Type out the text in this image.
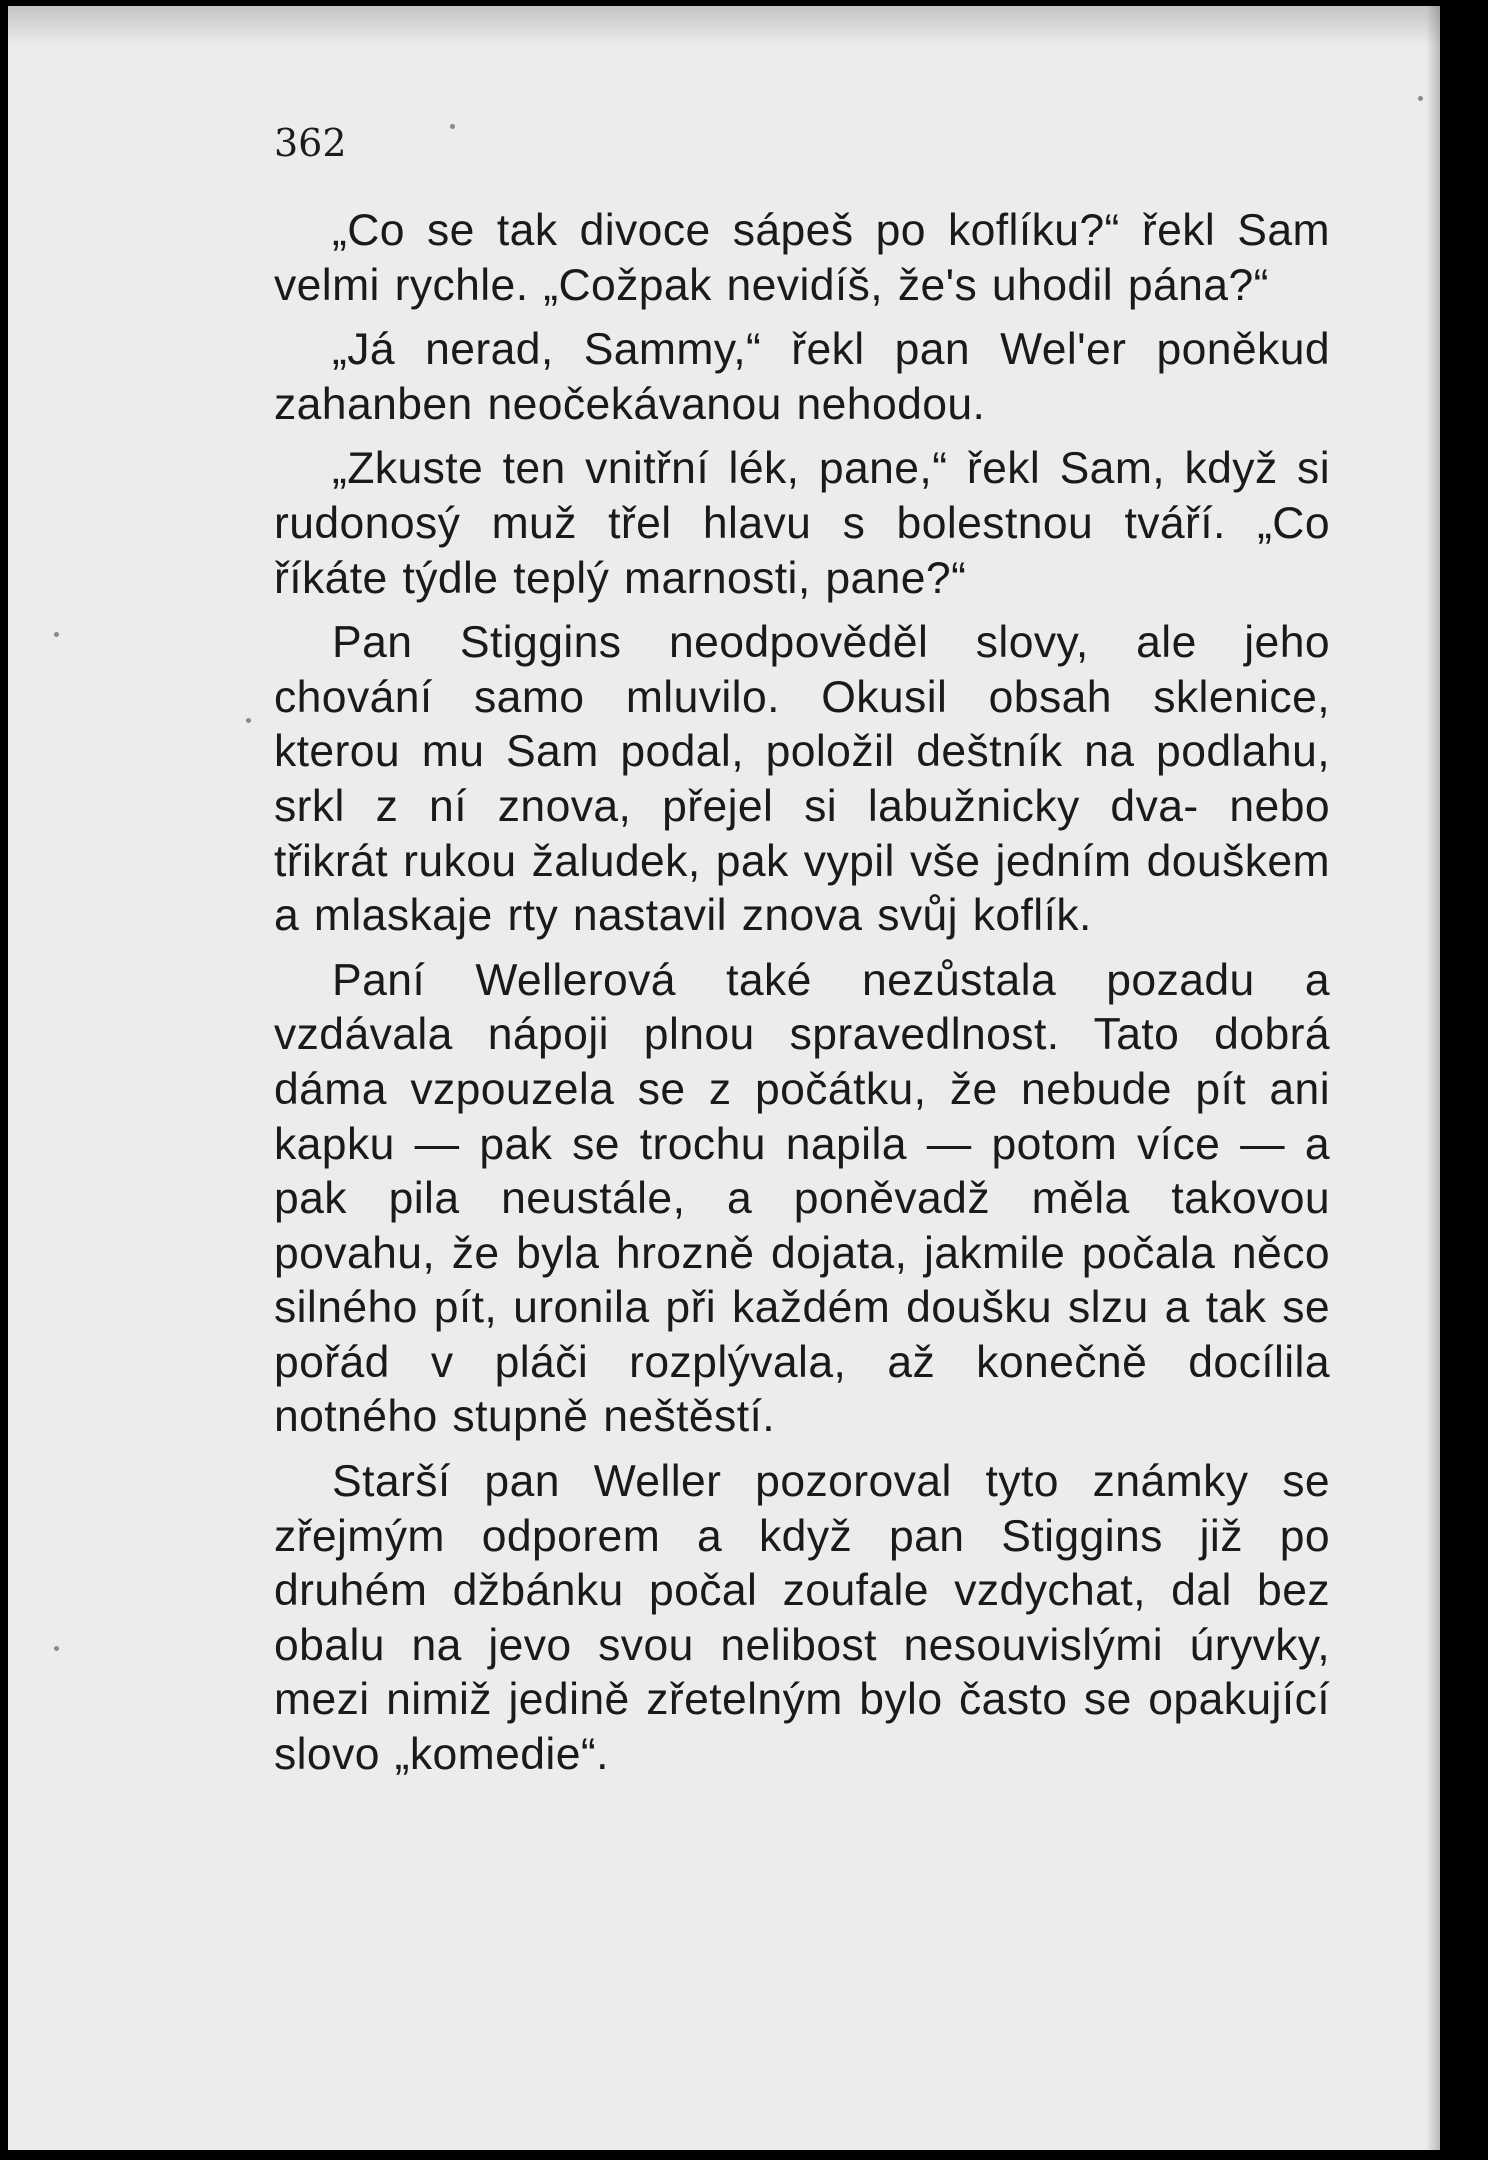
362

„Co se tak divoce sápeš po koflíku?“ řekl Sam velmi rychle. „Cožpak nevidíš, že's uhodil pána?“

„Já nerad, Sammy,“ řekl pan Wel'er poněkud zahanben neočekávanou nehodou.

„Zkuste ten vnitřní lék, pane,“ řekl Sam, když si rudonosý muž třel hlavu s bolestnou tváří. „Co říkáte týdle teplý marnosti, pane?“

Pan Stiggins neodpověděl slovy, ale jeho chování samo mluvilo. Okusil obsah sklenice, kterou mu Sam podal, položil deštník na podlahu, srkl z ní znova, přejel si labužnicky dva- nebo třikrát rukou žaludek, pak vypil vše jedním douškem a mlaskaje rty nastavil znova svůj koflík.

Paní Wellerová také nezůstala pozadu a vzdávala nápoji plnou spravedlnost. Tato dobrá dáma vzpouzela se z počátku, že nebude pít ani kapku — pak se trochu napila — potom více — a pak pila neustále, a poněvadž měla takovou povahu, že byla hrozně dojata, jakmile počala něco silného pít, uronila při každém doušku slzu a tak se pořád v pláči rozplývala, až konečně docílila notného stupně neštěstí.

Starší pan Weller pozoroval tyto známky se zřejmým odporem a když pan Stiggins již po druhém džbánku počal zoufale vzdychat, dal bez obalu na jevo svou nelibost nesouvislými úryvky, mezi nimiž jedině zřetelným bylo často se opakující slovo „komedie“.
